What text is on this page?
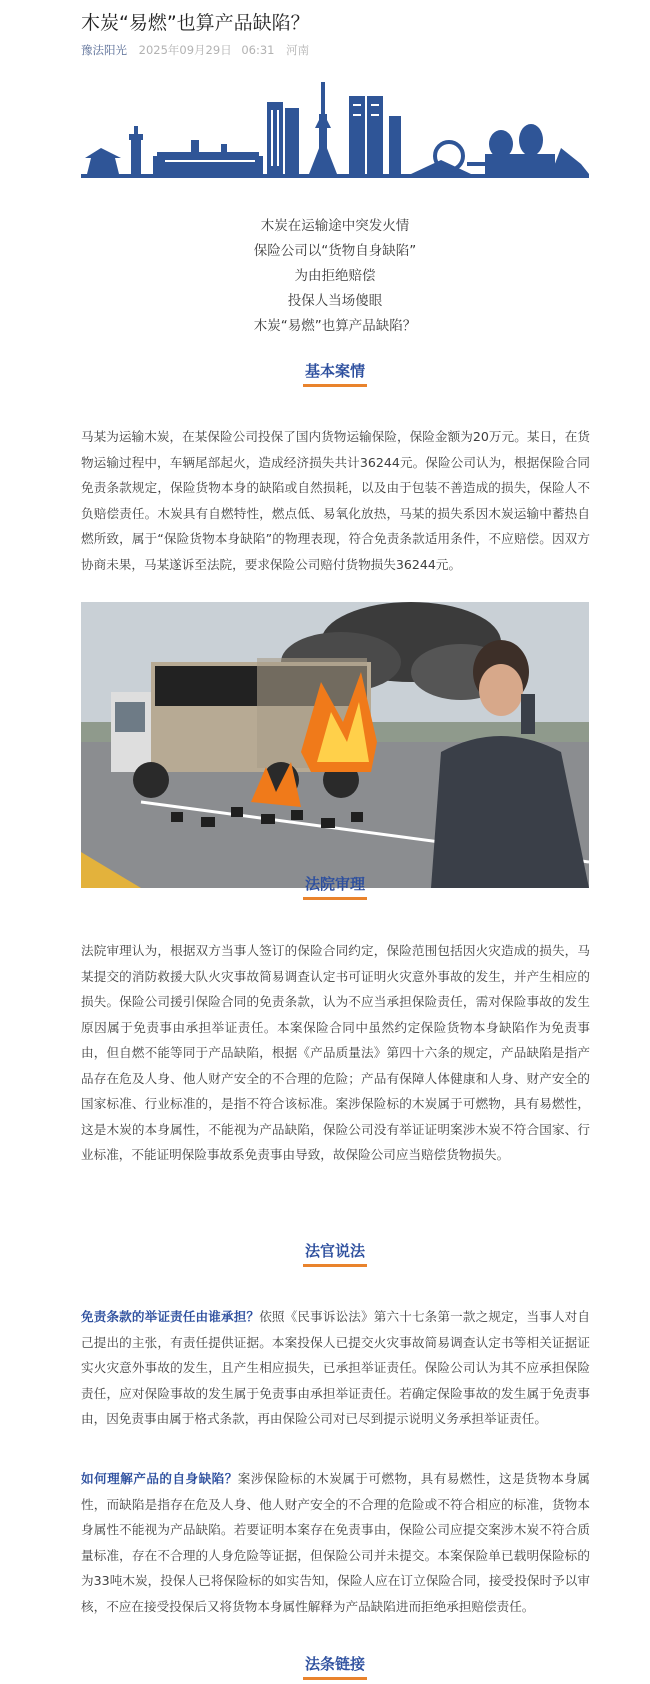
木炭“易燃”也算产品缺陷？
豫法阳光 2025年09月29日 06:31 河南
木炭在运输途中突发火情
保险公司以“货物自身缺陷”
为由拒绝赔偿
投保人当场傻眼
木炭“易燃”也算产品缺陷？
基本案情

马某为运输木炭，在某保险公司投保了国内货物运输保险，保险金额为20万元。某日，在货物运输过程中，车辆尾部起火，造成经济损失共计36244元。保险公司认为，根据保险合同免责条款规定，保险货物本身的缺陷或自然损耗，以及由于包装不善造成的损失，保险人不负赔偿责任。木炭具有自燃特性，燃点低、易氧化放热，马某的损失系因木炭运输中蓄热自燃所致，属于“保险货物本身缺陷”的物理表现，符合免责条款适用条件，不应赔偿。因双方协商未果，马某遂诉至法院，要求保险公司赔付货物损失36244元。

法院审理

法院审理认为，根据双方当事人签订的保险合同约定，保险范围包括因火灾造成的损失，马某提交的消防救援大队火灾事故简易调查认定书可证明火灾意外事故的发生，并产生相应的损失。保险公司援引保险合同的免责条款，认为不应当承担保险责任，需对保险事故的发生原因属于免责事由承担举证责任。本案保险合同中虽然约定保险货物本身缺陷作为免责事由，但自燃不能等同于产品缺陷，根据《产品质量法》第四十六条的规定，产品缺陷是指产品存在危及人身、他人财产安全的不合理的危险；产品有保障人体健康和人身、财产安全的国家标准、行业标准的，是指不符合该标准。案涉保险标的木炭属于可燃物，具有易燃性，这是木炭的本身属性，不能视为产品缺陷，保险公司没有举证证明案涉木炭不符合国家、行业标准，不能证明保险事故系免责事由导致，故保险公司应当赔偿货物损失。

法官说法

免责条款的举证责任由谁承担？依照《民事诉讼法》第六十七条第一款之规定，当事人对自己提出的主张，有责任提供证据。本案投保人已提交火灾事故简易调查认定书等相关证据证实火灾意外事故的发生，且产生相应损失，已承担举证责任。保险公司认为其不应承担保险责任，应对保险事故的发生属于免责事由承担举证责任。若确定保险事故的发生属于免责事由，因免责事由属于格式条款，再由保险公司对已尽到提示说明义务承担举证责任。

如何理解产品的自身缺陷？案涉保险标的木炭属于可燃物，具有易燃性，这是货物本身属性，而缺陷是指存在危及人身、他人财产安全的不合理的危险或不符合相应的标准，货物本身属性不能视为产品缺陷。若要证明本案存在免责事由，保险公司应提交案涉木炭不符合质量标准，存在不合理的人身危险等证据，但保险公司并未提交。本案保险单已载明保险标的为33吨木炭，投保人已将保险标的如实告知，保险人应在订立保险合同，接受投保时予以审核，不应在接受投保后又将货物本身属性解释为产品缺陷进而拒绝承担赔偿责任。

法条链接
